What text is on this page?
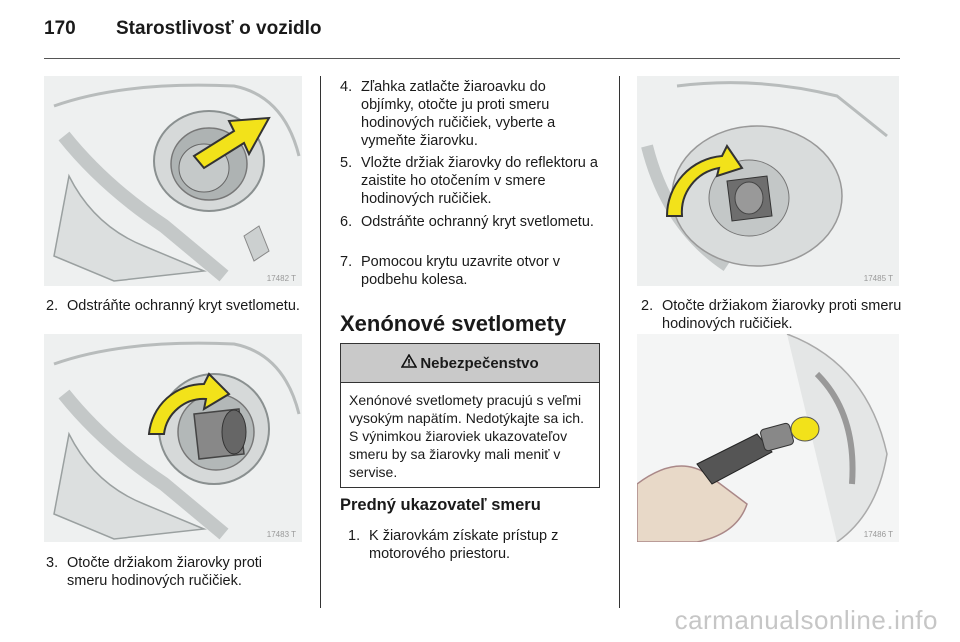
170 Starostlivosť o vozidlo
17482 T
2. Odstráňte ochranný kryt svetlometu.
17483 T
3. Otočte držiakom žiarovky proti smeru hodinových ručičiek.
4. Zľahka zatlačte žiaroavku do objímky, otočte ju proti smeru hodinových ručičiek, vyberte a vymeňte žiarovku.
5. Vložte držiak žiarovky do reflektoru a zaistite ho otočením v smere hodinových ručičiek.
6. Odstráňte ochranný kryt svetlometu.
7. Pomocou krytu uzavrite otvor v podbehu kolesa.
Xenónové svetlomety
Nebezpečenstvo
Xenónové svetlomety pracujú s veľmi vysokým napätím. Nedotýkajte sa ich. S výnimkou žiaroviek ukazovateľov smeru by sa žiarovky mali meniť v servise.
Predný ukazovateľ smeru
1. K žiarovkám získate prístup z motorového priestoru.
17485 T
2. Otočte držiakom žiarovky proti smeru hodinových ručičiek.
17486 T
carmanualsonline.info
